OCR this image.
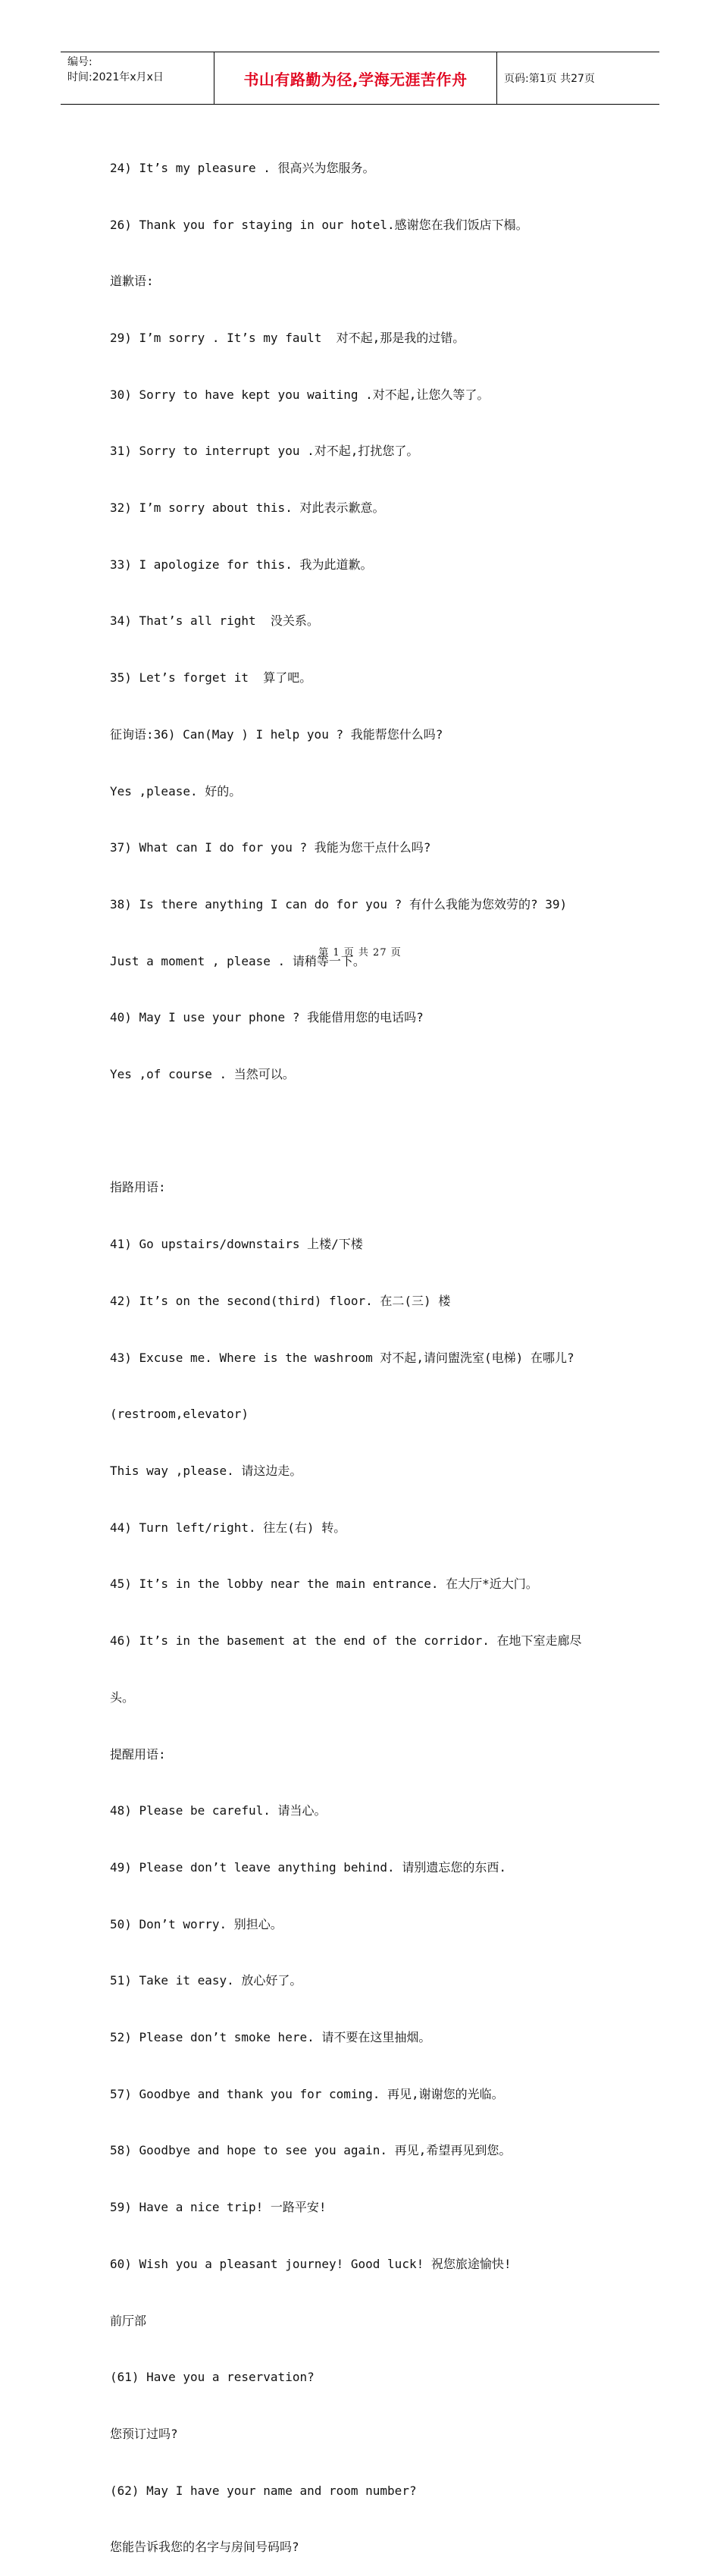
编号:
时间:2021年x月x日	书山有路勤为径,学海无涯苦作舟	页码:第1页 共27页

24) It’s my pleasure . 很高兴为您服务。

26) Thank you for staying in our hotel.感谢您在我们饭店下榻。

道歉语:

29) I’m sorry . It’s my fault  对不起,那是我的过错。

30) Sorry to have kept you waiting .对不起,让您久等了。

31) Sorry to interrupt you .对不起,打扰您了。

32) I’m sorry about this. 对此表示歉意。

33) I apologize for this. 我为此道歉。

34) That’s all right  没关系。

35) Let’s forget it  算了吧。

征询语:36) Can(May ) I help you ? 我能帮您什么吗?

Yes ,please. 好的。

37) What can I do for you ? 我能为您干点什么吗?

38) Is there anything I can do for you ? 有什么我能为您效劳的? 39)

Just a moment , please . 请稍等一下。

40) May I use your phone ? 我能借用您的电话吗?

Yes ,of course . 当然可以。

指路用语:

41) Go upstairs/downstairs 上楼/下楼

42) It’s on the second(third) floor. 在二(三) 楼

43) Excuse me. Where is the washroom 对不起,请问盥洗室(电梯) 在哪儿?

(restroom,elevator)

This way ,please. 请这边走。

44) Turn left/right. 往左(右) 转。

45) It’s in the lobby near the main entrance. 在大厅*近大门。

46) It’s in the basement at the end of the corridor. 在地下室走廊尽

头。

提醒用语:

48) Please be careful. 请当心。

49) Please don’t leave anything behind. 请别遗忘您的东西.

50) Don’t worry. 别担心。

51) Take it easy. 放心好了。

52) Please don’t smoke here. 请不要在这里抽烟。

57) Goodbye and thank you for coming. 再见,谢谢您的光临。

58) Goodbye and hope to see you again. 再见,希望再见到您。

59) Have a nice trip! 一路平安!

60) Wish you a pleasant journey! Good luck! 祝您旅途愉快!

前厅部

(61) Have you a reservation?

您预订过吗?

(62) May I have your name and room number?

您能告诉我您的名字与房间号码吗?

第 1 页 共 27 页
